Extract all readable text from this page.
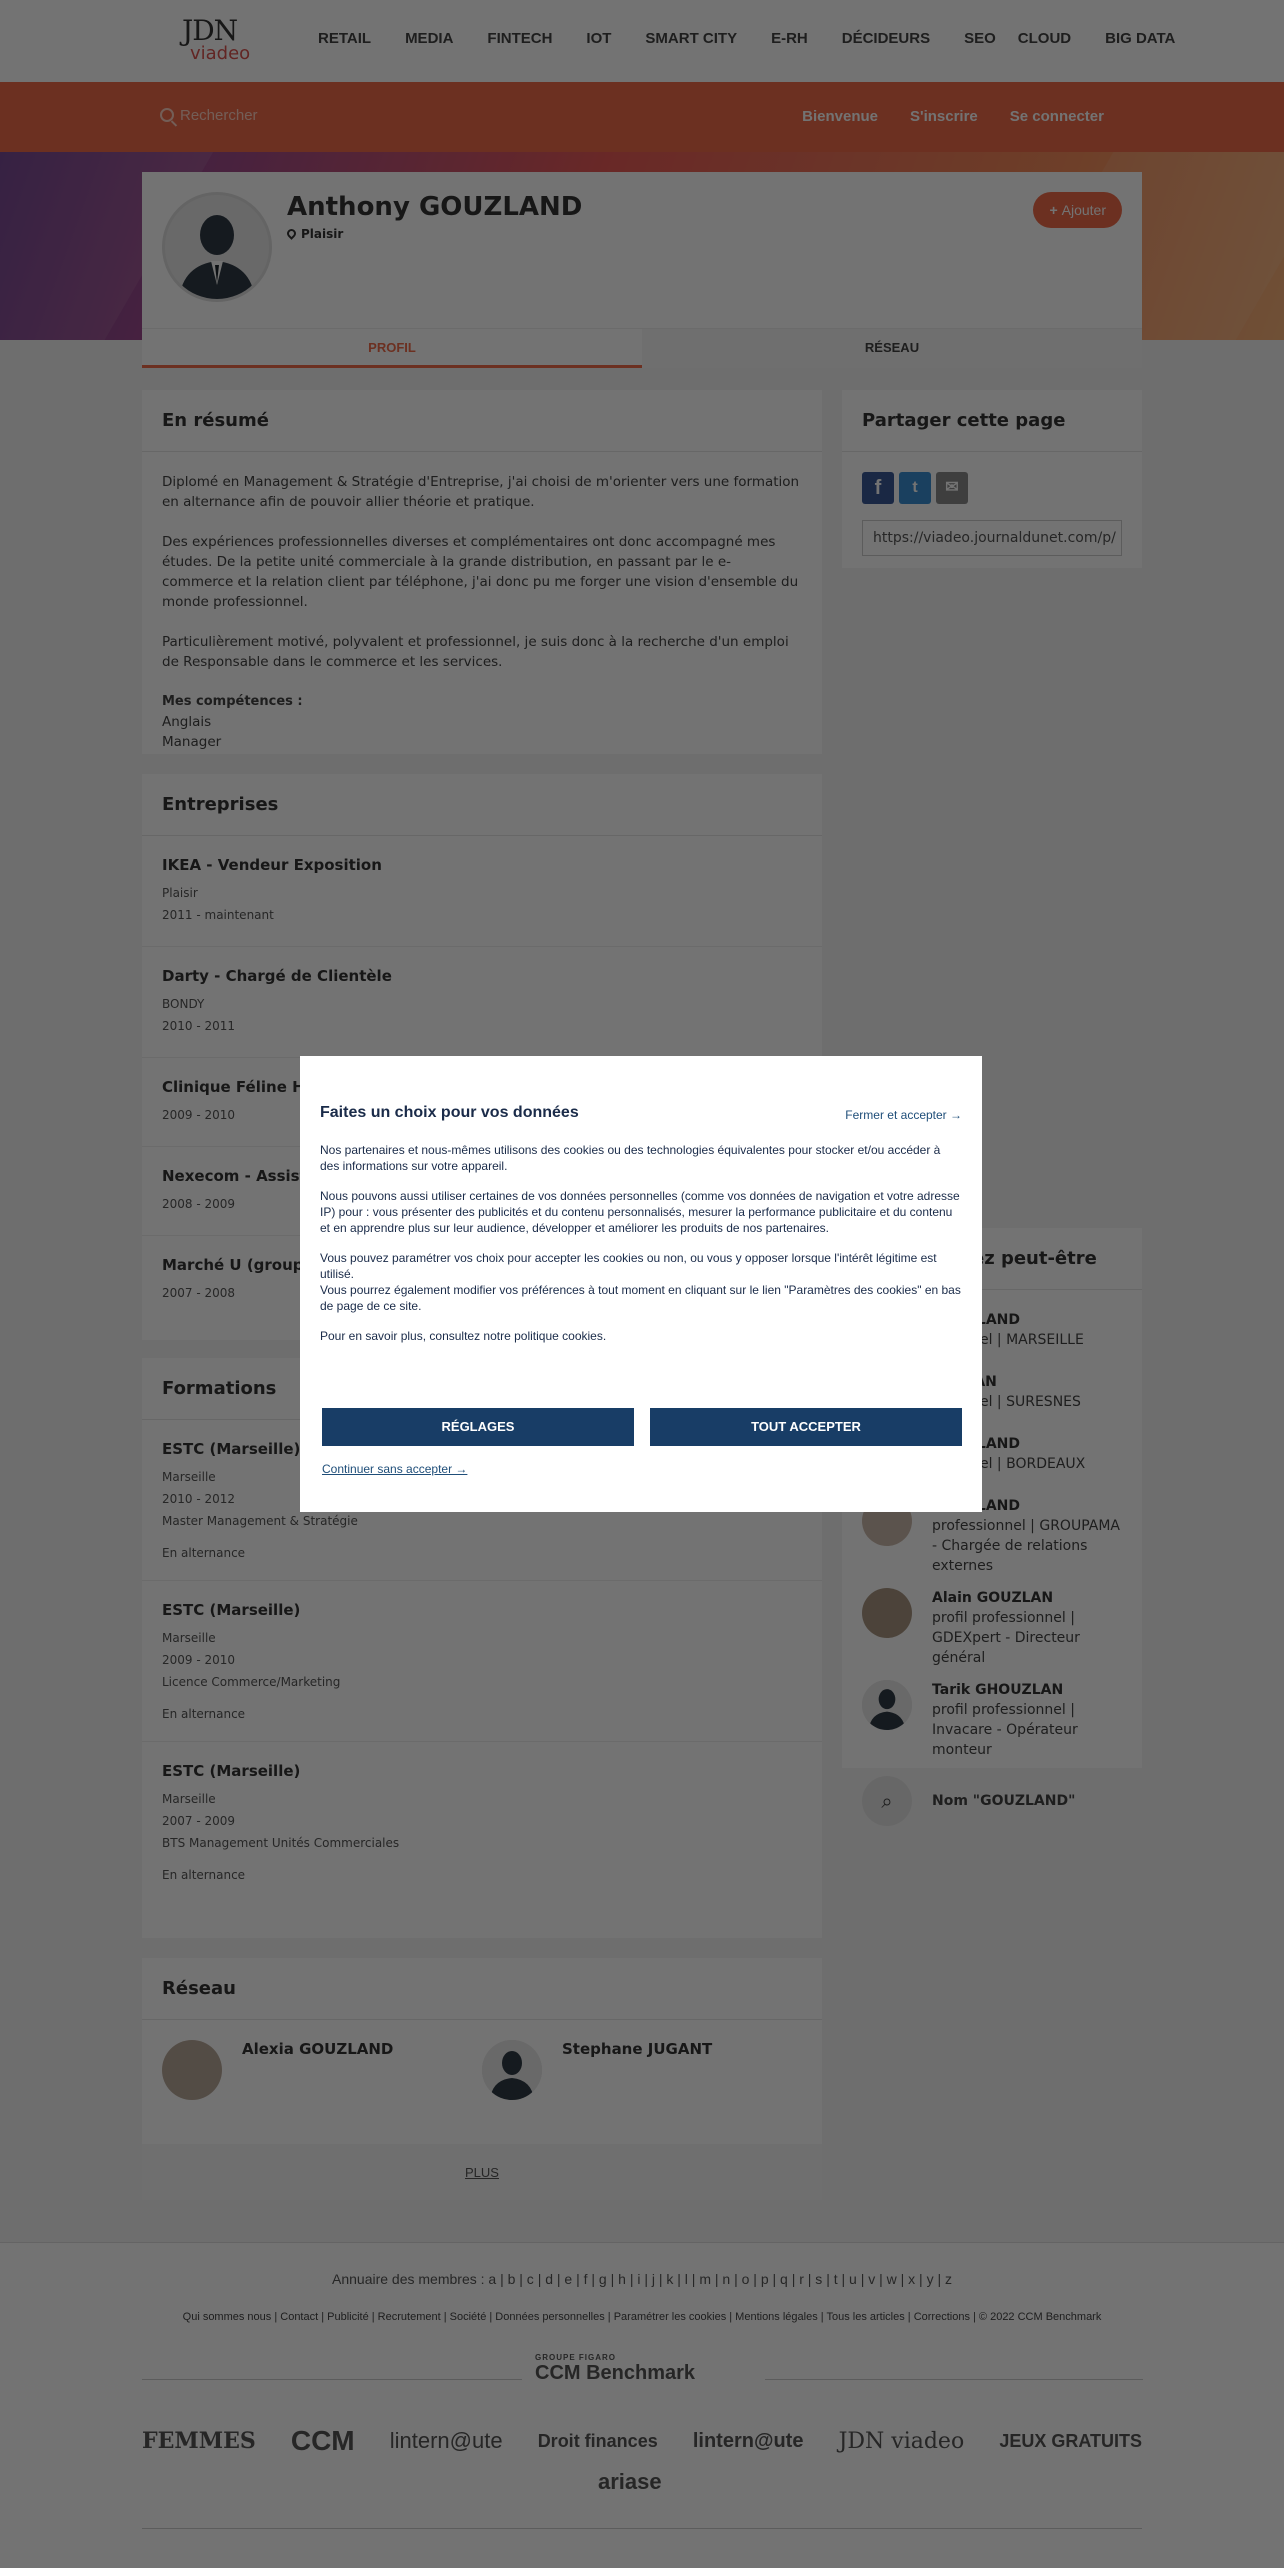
Faites un choix pour vos données	Fermer et accepter →

Nos partenaires et nous-mêmes utilisons des cookies ou des technologies équivalentes pour stocker et/ou accéder à des informations sur votre appareil.

Nous pouvons aussi utiliser certaines de vos données personnelles (comme vos données de navigation et votre adresse IP) pour : vous présenter des publicités et du contenu personnalisés, mesurer la performance publicitaire et du contenu et en apprendre plus sur leur audience, développer et améliorer les produits de nos partenaires.

Vous pouvez paramétrer vos choix pour accepter les cookies ou non, ou vous y opposer lorsque l'intérêt légitime est utilisé.

Vous pourrez également modifier vos préférences à tout moment en cliquant sur le lien "Paramètres des cookies" en bas de page de ce site.

Pour en savoir plus, consultez notre politique cookies.

RÉGLAGES	TOUT ACCEPTER
Continuer sans accepter →
